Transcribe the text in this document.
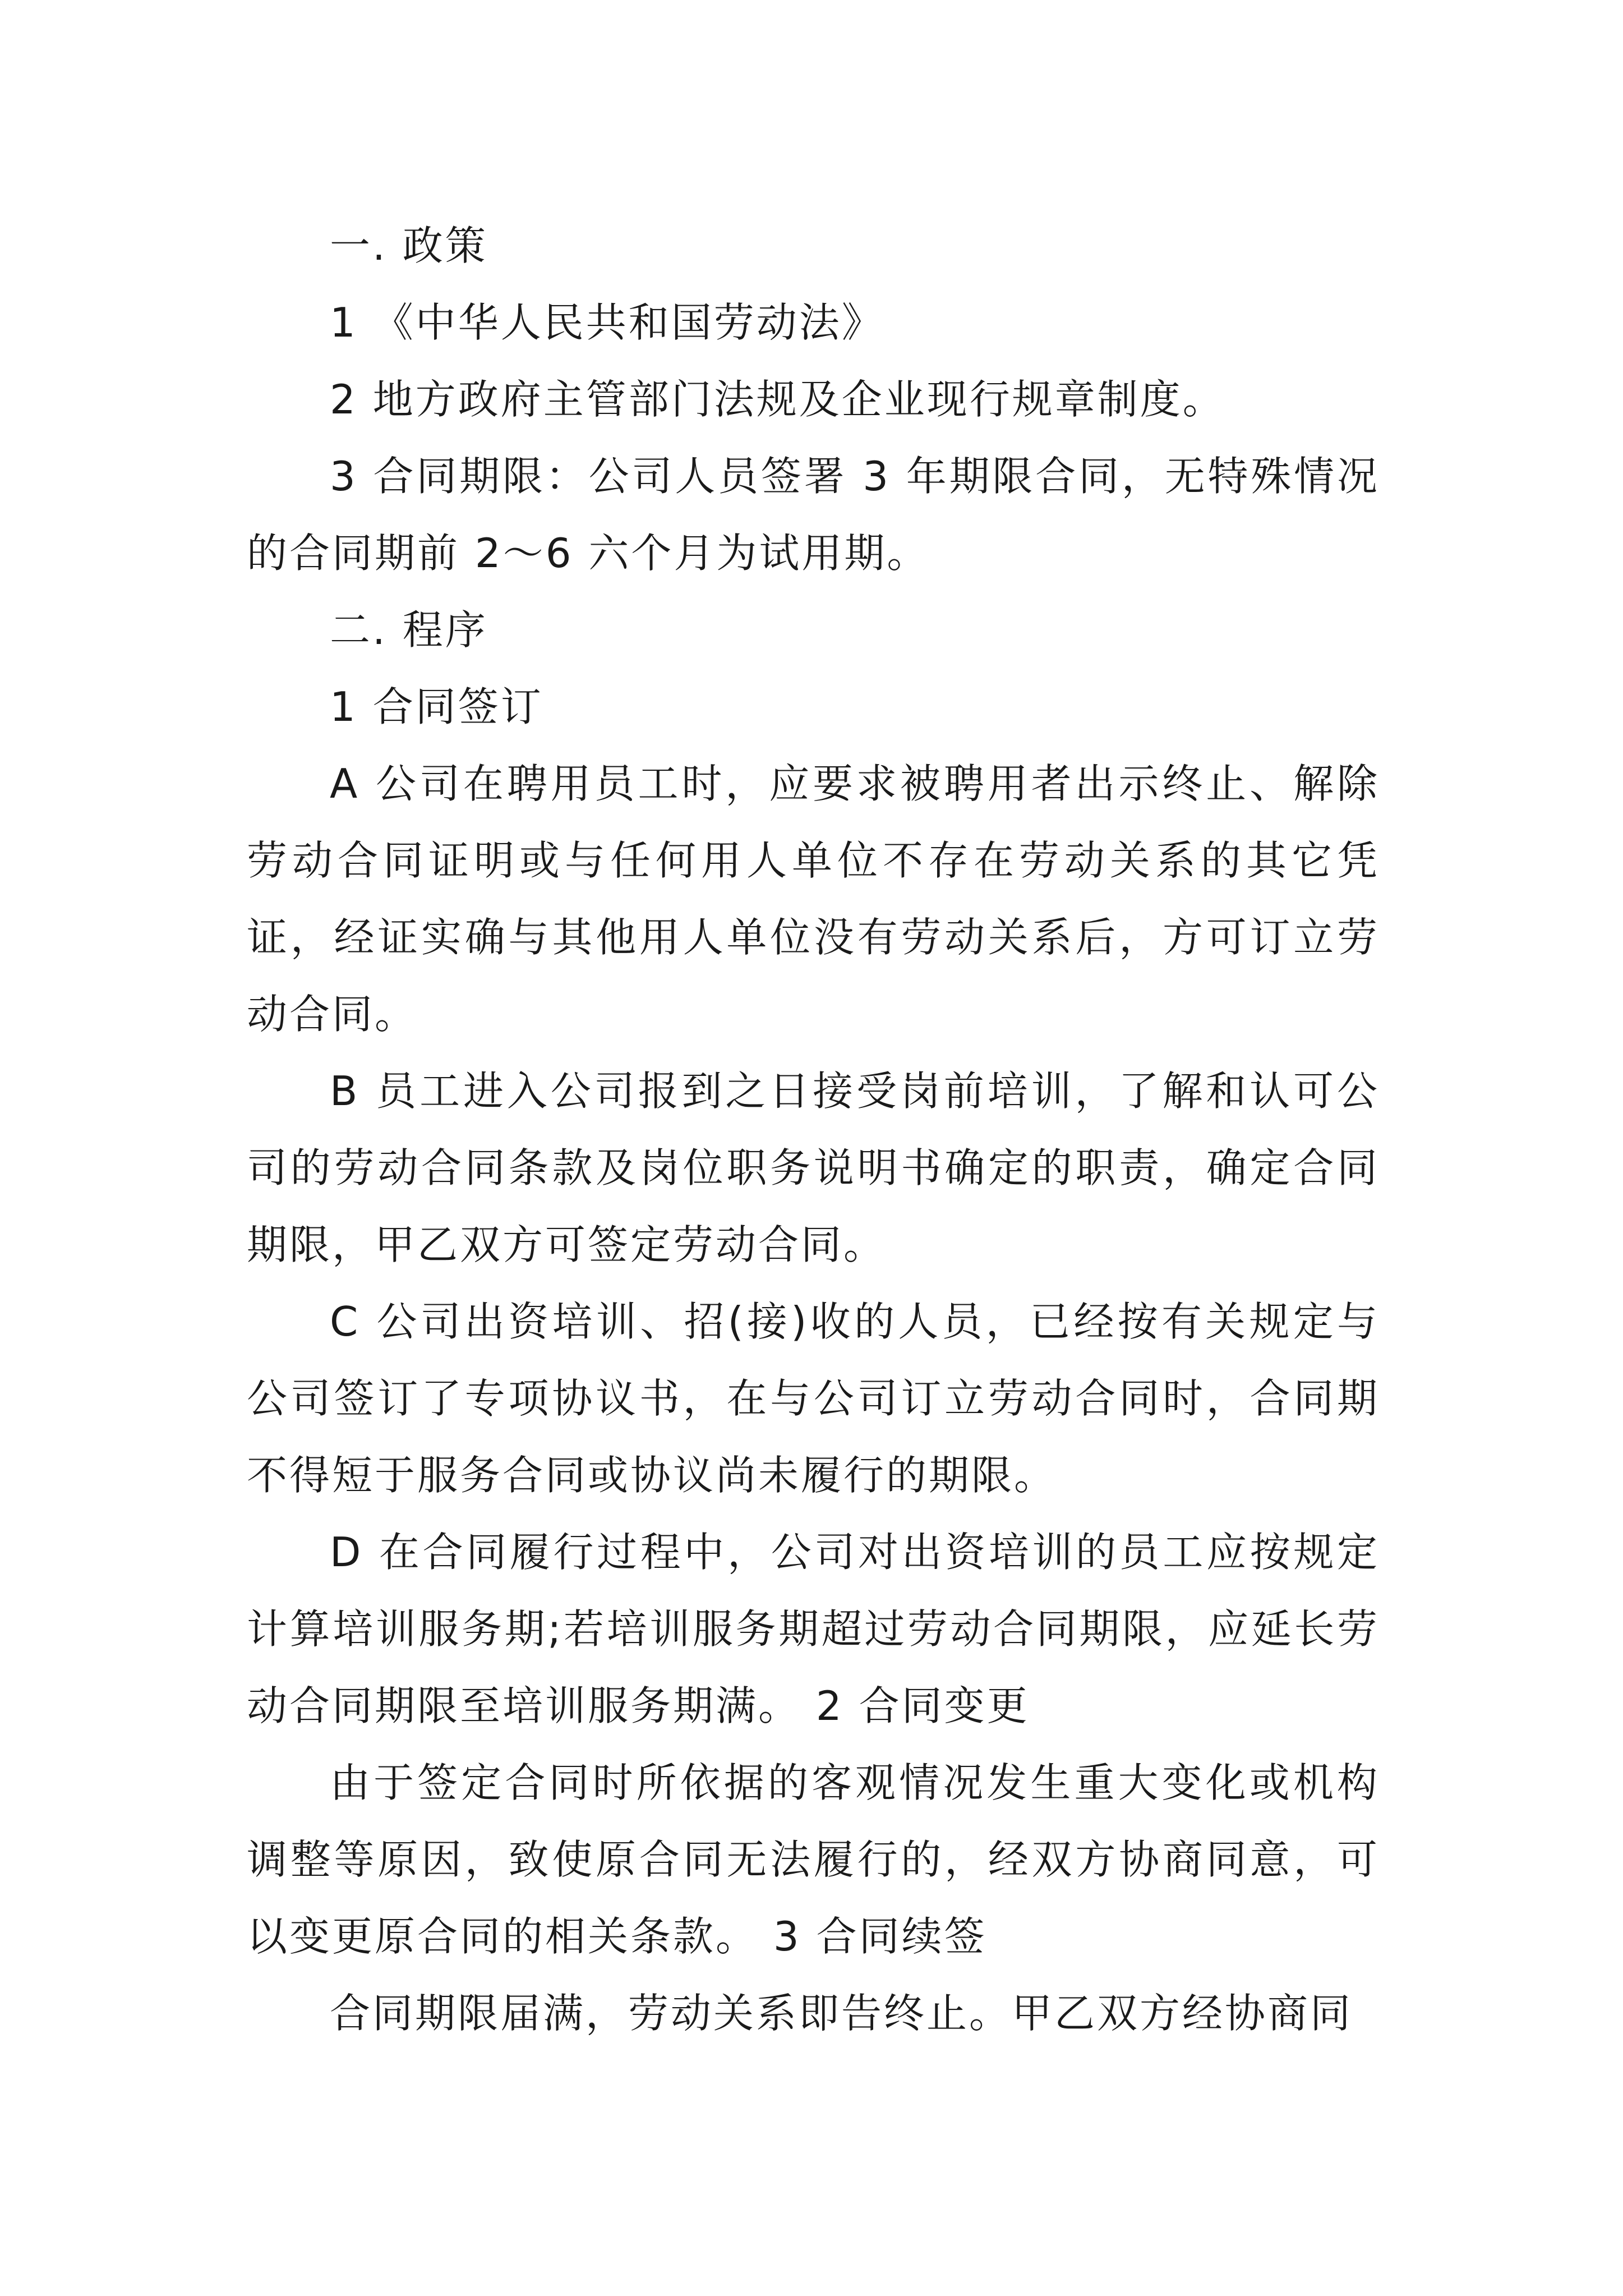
一. 政策

1 《中华人民共和国劳动法》

2 地方政府主管部门法规及企业现行规章制度。

3 合同期限：公司人员签署 3 年期限合同，无特殊情况的合同期前 2～6 六个月为试用期。

二. 程序

1 合同签订

A 公司在聘用员工时，应要求被聘用者出示终止、解除劳动合同证明或与任何用人单位不存在劳动关系的其它凭证，经证实确与其他用人单位没有劳动关系后，方可订立劳动合同。

B 员工进入公司报到之日接受岗前培训，了解和认可公司的劳动合同条款及岗位职务说明书确定的职责，确定合同期限，甲乙双方可签定劳动合同。

C 公司出资培训、招(接)收的人员，已经按有关规定与公司签订了专项协议书，在与公司订立劳动合同时，合同期不得短于服务合同或协议尚未履行的期限。

D 在合同履行过程中，公司对出资培训的员工应按规定计算培训服务期;若培训服务期超过劳动合同期限，应延长劳动合同期限至培训服务期满。 2 合同变更

由于签定合同时所依据的客观情况发生重大变化或机构调整等原因，致使原合同无法履行的，经双方协商同意，可以变更原合同的相关条款。 3 合同续签

合同期限届满，劳动关系即告终止。甲乙双方经协商同
